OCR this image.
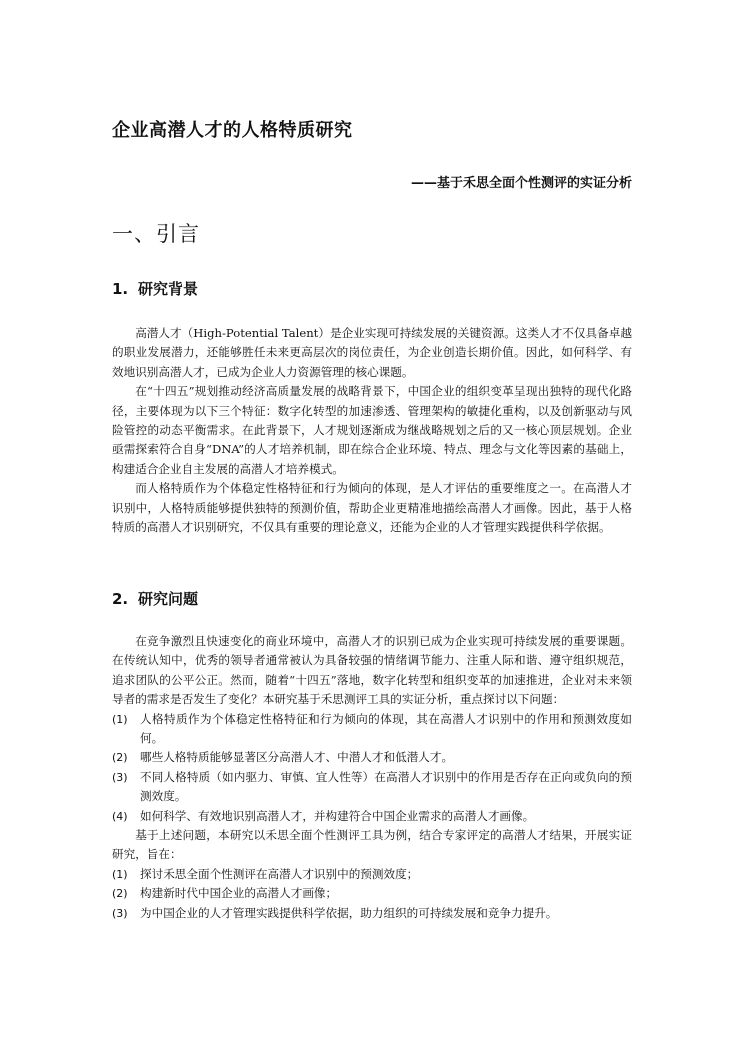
企业高潜人才的人格特质研究
——基于禾思全面个性测评的实证分析
一、引言
1. 研究背景

高潜人才（High-Potential Talent）是企业实现可持续发展的关键资源。这类人才不仅具备卓越的职业发展潜力，还能够胜任未来更高层次的岗位责任，为企业创造长期价值。因此，如何科学、有效地识别高潜人才，已成为企业人力资源管理的核心课题。

在“十四五”规划推动经济高质量发展的战略背景下，中国企业的组织变革呈现出独特的现代化路径，主要体现为以下三个特征：数字化转型的加速渗透、管理架构的敏捷化重构，以及创新驱动与风险管控的动态平衡需求。在此背景下，人才规划逐渐成为继战略规划之后的又一核心顶层规划。企业亟需探索符合自身“DNA”的人才培养机制，即在综合企业环境、特点、理念与文化等因素的基础上，构建适合企业自主发展的高潜人才培养模式。

而人格特质作为个体稳定性格特征和行为倾向的体现，是人才评估的重要维度之一。在高潜人才识别中，人格特质能够提供独特的预测价值，帮助企业更精准地描绘高潜人才画像。因此，基于人格特质的高潜人才识别研究，不仅具有重要的理论意义，还能为企业的人才管理实践提供科学依据。

2. 研究问题

在竞争激烈且快速变化的商业环境中，高潜人才的识别已成为企业实现可持续发展的重要课题。在传统认知中，优秀的领导者通常被认为具备较强的情绪调节能力、注重人际和谐、遵守组织规范，追求团队的公平公正。然而，随着“十四五”落地，数字化转型和组织变革的加速推进，企业对未来领导者的需求是否发生了变化？本研究基于禾思测评工具的实证分析，重点探讨以下问题：

(1)	人格特质作为个体稳定性格特征和行为倾向的体现，其在高潜人才识别中的作用和预测效度如何。
(2)	哪些人格特质能够显著区分高潜人才、中潜人才和低潜人才。
(3)	不同人格特质（如内驱力、审慎、宜人性等）在高潜人才识别中的作用是否存在正向或负向的预测效度。
(4)	如何科学、有效地识别高潜人才，并构建符合中国企业需求的高潜人才画像。

基于上述问题，本研究以禾思全面个性测评工具为例，结合专家评定的高潜人才结果，开展实证研究，旨在：

(1)	探讨禾思全面个性测评在高潜人才识别中的预测效度；
(2)	构建新时代中国企业的高潜人才画像；
(3)	为中国企业的人才管理实践提供科学依据，助力组织的可持续发展和竞争力提升。
